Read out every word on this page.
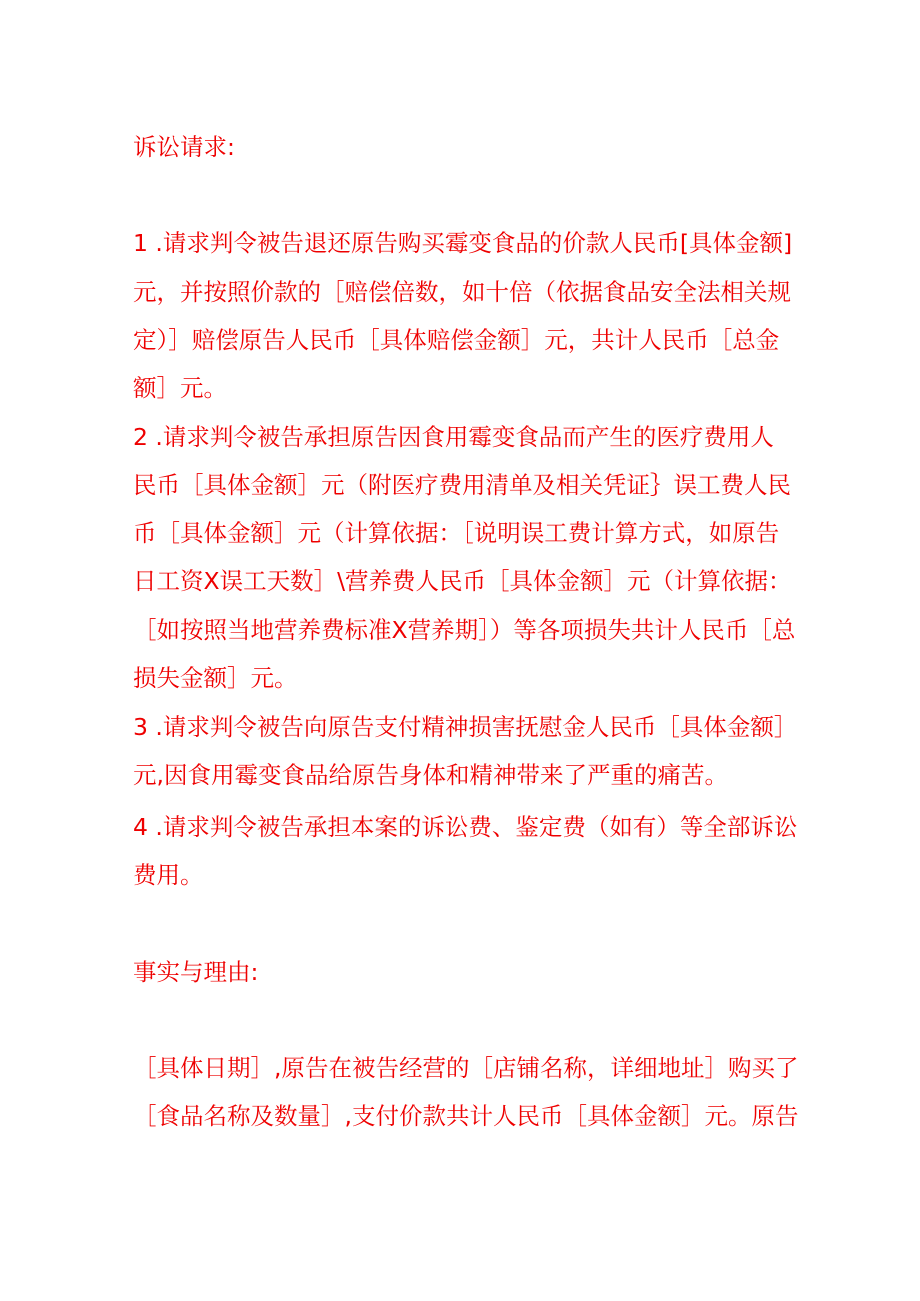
诉讼请求:
1 .请求判令被告退还原告购买霉变食品的价款人民币[具体金额]
元，并按照价款的［赔偿倍数，如十倍（依据食品安全法相关规
定）］赔偿原告人民币［具体赔偿金额］元，共计人民币［总金
额］元。
2 .请求判令被告承担原告因食用霉变食品而产生的医疗费用人
民币［具体金额］元（附医疗费用清单及相关凭证｝误工费人民
币［具体金额］元（计算依据：［说明误工费计算方式，如原告
日工资X误工天数］\营养费人民币［具体金额］元（计算依据：
［如按照当地营养费标准X营养期］）等各项损失共计人民币［总
损失金额］元。
3 .请求判令被告向原告支付精神损害抚慰金人民币［具体金额］
元,因食用霉变食品给原告身体和精神带来了严重的痛苦。
4 .请求判令被告承担本案的诉讼费、鉴定费（如有）等全部诉讼
费用。
事实与理由:
［具体日期］,原告在被告经营的［店铺名称，详细地址］购买了
［食品名称及数量］,支付价款共计人民币［具体金额］元。原告
